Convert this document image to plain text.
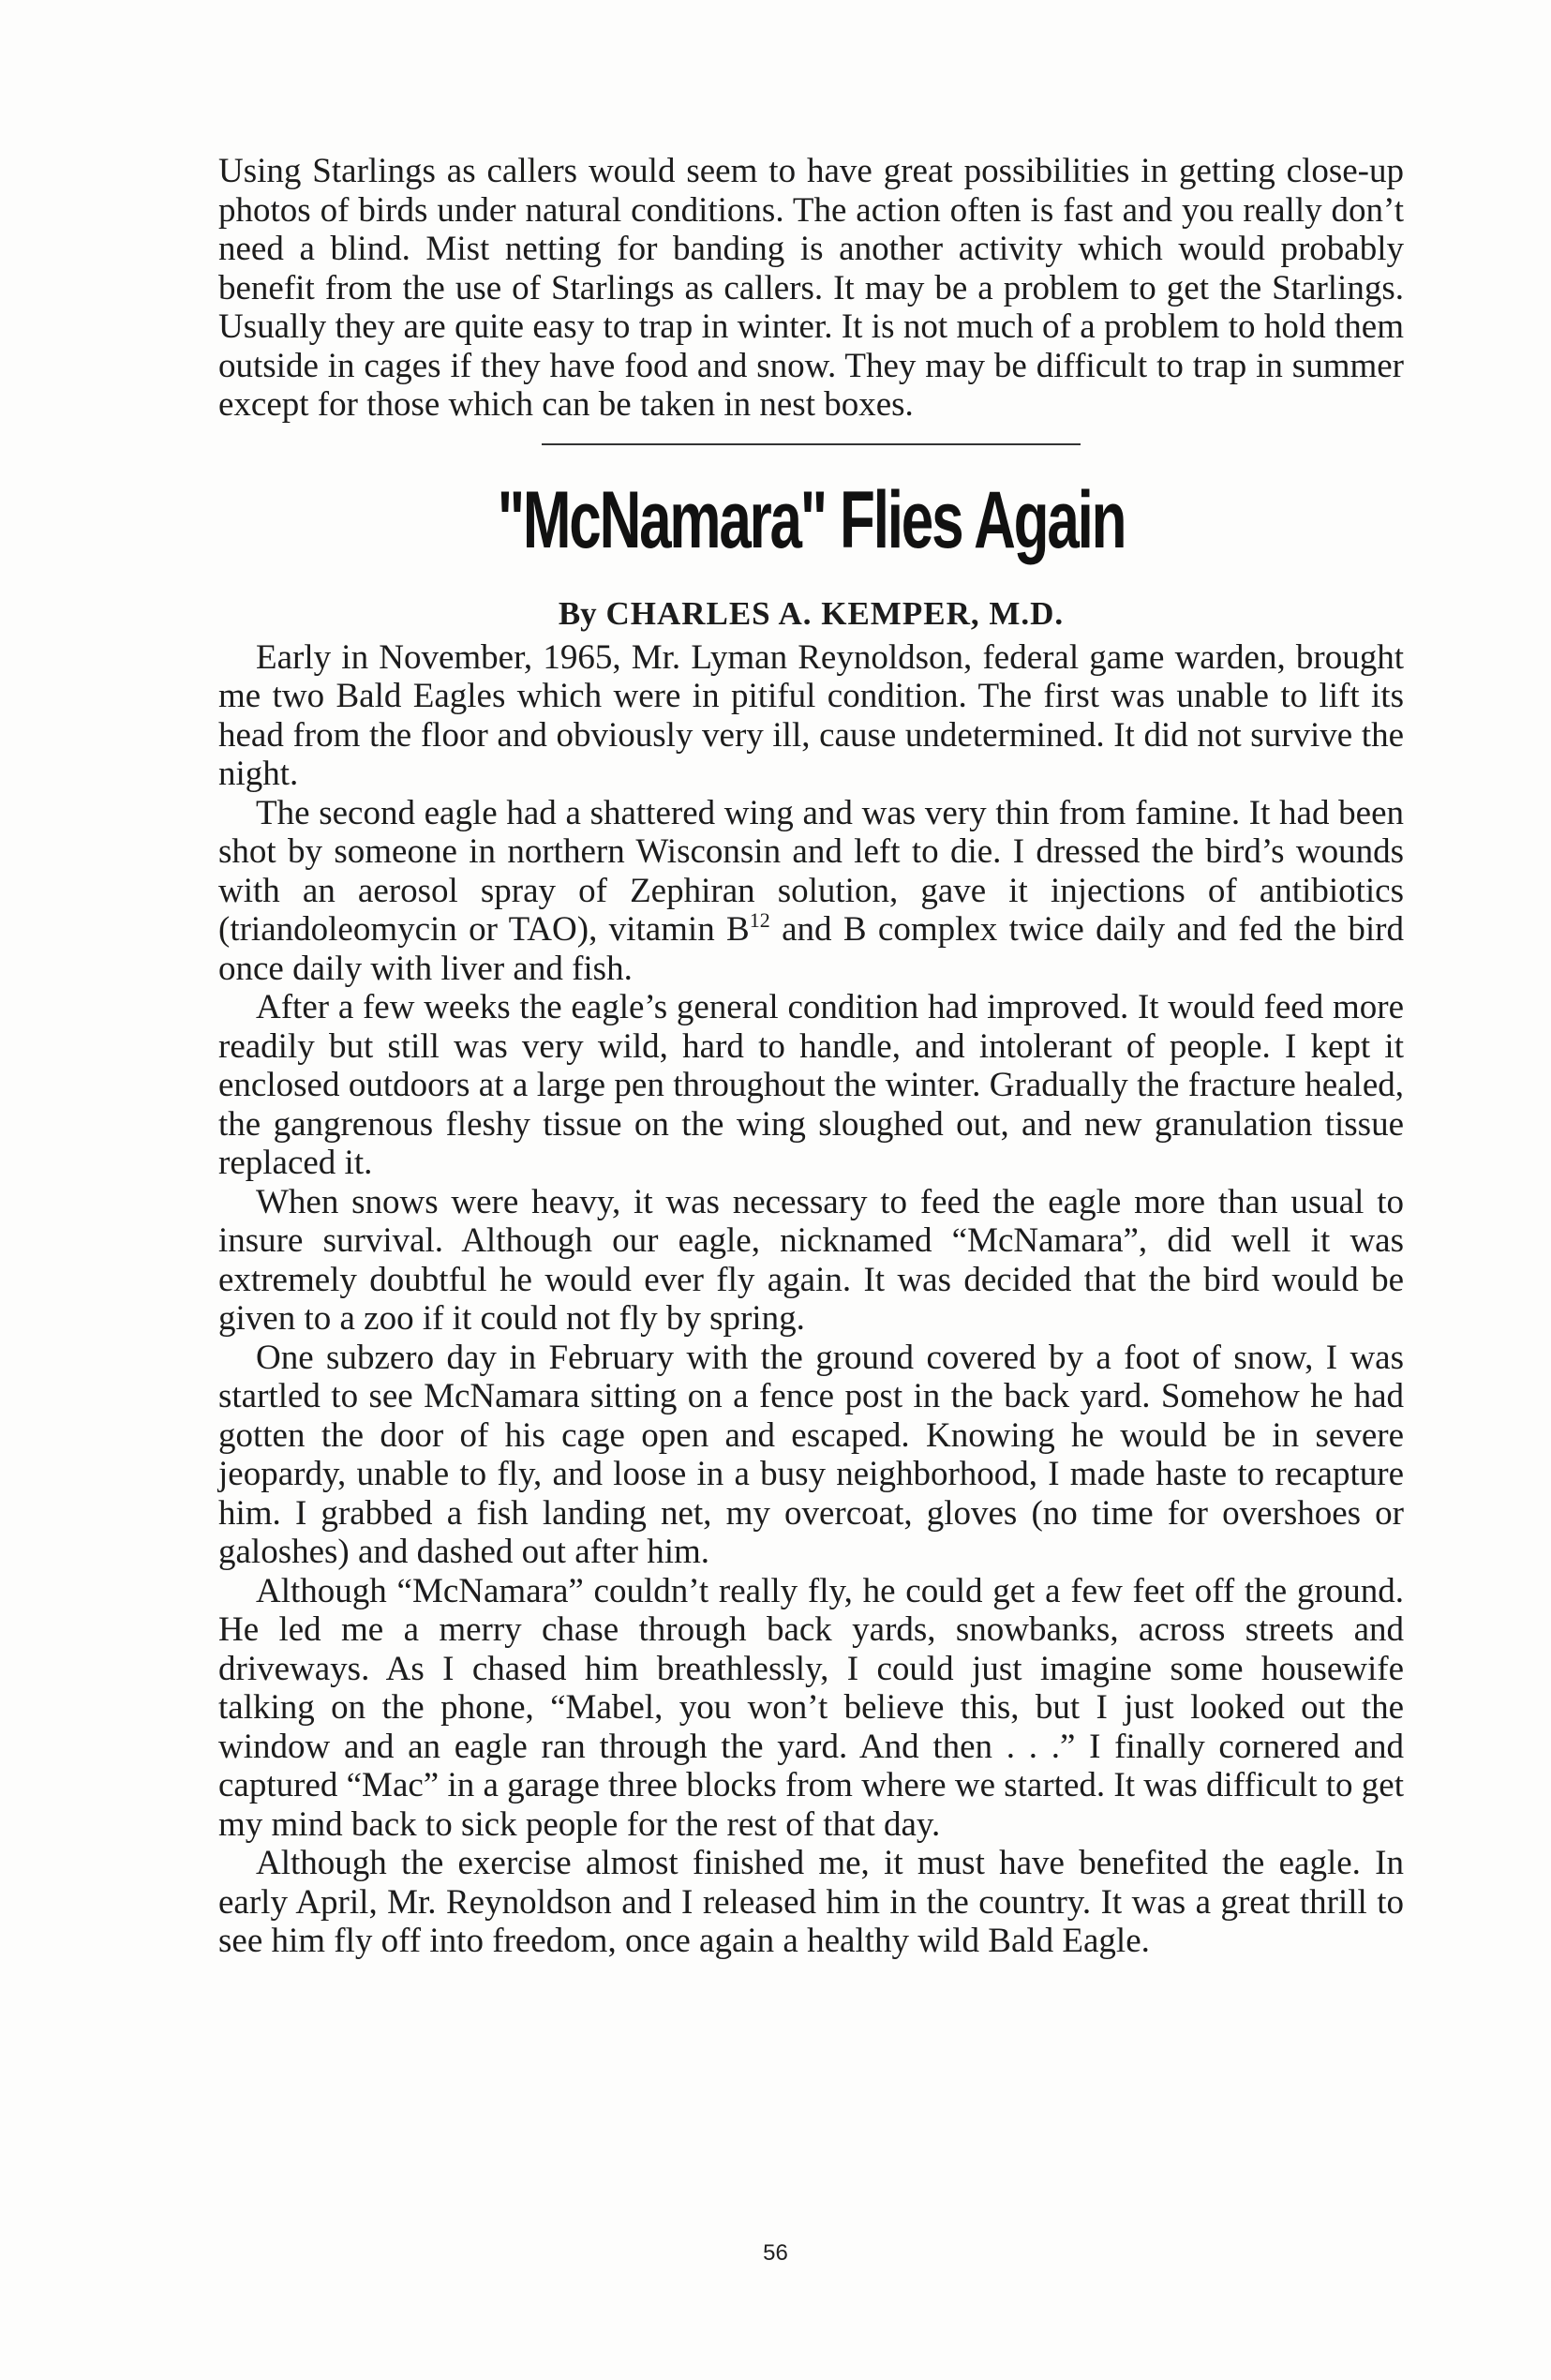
Using Starlings as callers would seem to have great possibilities in getting close-up photos of birds under natural conditions. The action often is fast and you really don’t need a blind. Mist netting for banding is another activity which would probably benefit from the use of Starlings as callers. It may be a problem to get the Starlings. Usually they are quite easy to trap in winter. It is not much of a problem to hold them outside in cages if they have food and snow. They may be difficult to trap in summer except for those which can be taken in nest boxes.

"McNamara" Flies Again
By CHARLES A. KEMPER, M.D.

Early in November, 1965, Mr. Lyman Reynoldson, federal game warden, brought me two Bald Eagles which were in pitiful condition. The first was unable to lift its head from the floor and obviously very ill, cause undetermined. It did not survive the night.

The second eagle had a shattered wing and was very thin from famine. It had been shot by someone in northern Wisconsin and left to die. I dressed the bird’s wounds with an aerosol spray of Zephiran solution, gave it injections of antibiotics (triandoleomycin or TAO), vitamin $B^{12}$ and B complex twice daily and fed the bird once daily with liver and fish.

After a few weeks the eagle’s general condition had improved. It would feed more readily but still was very wild, hard to handle, and intolerant of people. I kept it enclosed outdoors at a large pen throughout the winter. Gradually the fracture healed, the gangrenous fleshy tissue on the wing sloughed out, and new granulation tissue replaced it.

When snows were heavy, it was necessary to feed the eagle more than usual to insure survival. Although our eagle, nicknamed “McNamara”, did well it was extremely doubtful he would ever fly again. It was decided that the bird would be given to a zoo if it could not fly by spring.

One subzero day in February with the ground covered by a foot of snow, I was startled to see McNamara sitting on a fence post in the back yard. Somehow he had gotten the door of his cage open and escaped. Knowing he would be in severe jeopardy, unable to fly, and loose in a busy neighborhood, I made haste to recapture him. I grabbed a fish landing net, my overcoat, gloves (no time for overshoes or galoshes) and dashed out after him.

Although “McNamara” couldn’t really fly, he could get a few feet off the ground. He led me a merry chase through back yards, snowbanks, across streets and driveways. As I chased him breathlessly, I could just imagine some housewife talking on the phone, “Mabel, you won’t believe this, but I just looked out the window and an eagle ran through the yard. And then . . .” I finally cornered and captured “Mac” in a garage three blocks from where we started. It was difficult to get my mind back to sick people for the rest of that day.

Although the exercise almost finished me, it must have benefited the eagle. In early April, Mr. Reynoldson and I released him in the country. It was a great thrill to see him fly off into freedom, once again a healthy wild Bald Eagle.

56
